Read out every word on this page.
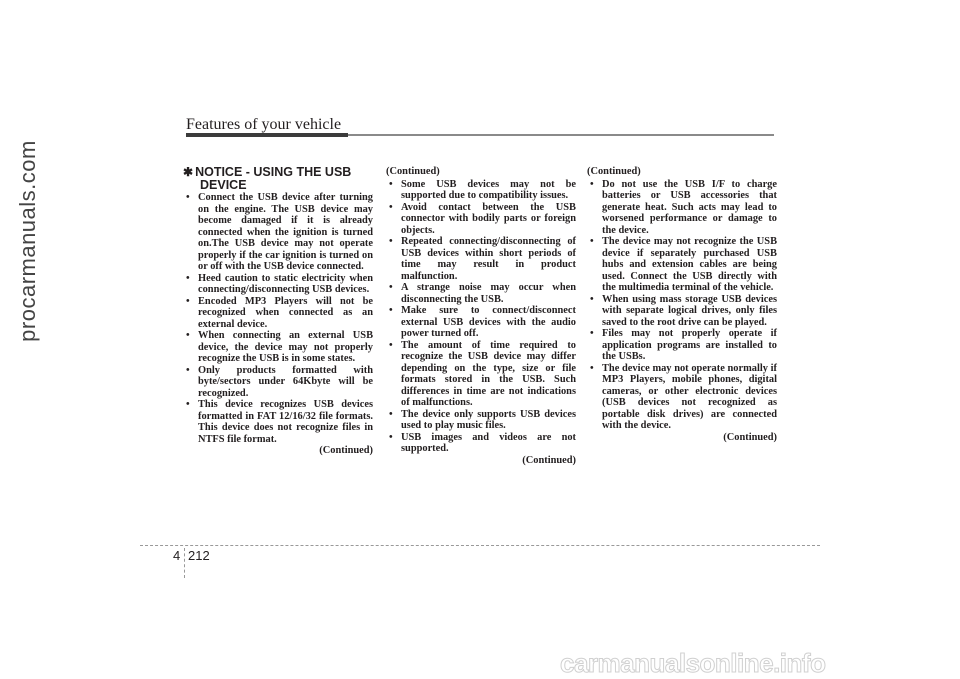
procarmanuals.com
Features of your vehicle
✱ NOTICE - USING THE USB
DEVICE
• Connect the USB device after turning on the engine. The USB device may become damaged if it is already connected when the ignition is turned on.The USB device may not operate properly if the car ignition is turned on or off with the USB device connected.
• Heed caution to static electricity when connecting/disconnecting USB devices.
• Encoded MP3 Players will not be recognized when connected as an external device.
• When connecting an external USB device, the device may not properly recognize the USB is in some states.
• Only products formatted with byte/sectors under 64Kbyte will be recognized.
• This device recognizes USB devices formatted in FAT 12/16/32 file formats. This device does not recognize files in NTFS file format.
(Continued)
(Continued)
• Some USB devices may not be supported due to compatibility issues.
• Avoid contact between the USB connector with bodily parts or foreign objects.
• Repeated connecting/disconnecting of USB devices within short periods of time may result in product malfunction.
• A strange noise may occur when disconnecting the USB.
• Make sure to connect/disconnect external USB devices with the audio power turned off.
• The amount of time required to recognize the USB device may differ depending on the type, size or file formats stored in the USB. Such differences in time are not indications of malfunctions.
• The device only supports USB devices used to play music files.
• USB images and videos are not supported.
(Continued)
(Continued)
• Do not use the USB I/F to charge batteries or USB accessories that generate heat. Such acts may lead to worsened performance or damage to the device.
• The device may not recognize the USB device if separately purchased USB hubs and extension cables are being used. Connect the USB directly with the multimedia terminal of the vehicle.
• When using mass storage USB devices with separate logical drives, only files saved to the root drive can be played.
• Files may not properly operate if application programs are installed to the USBs.
• The device may not operate normally if MP3 Players, mobile phones, digital cameras, or other electronic devices (USB devices not recognized as portable disk drives) are connected with the device.
(Continued)
4 212
carmanualsonline.info
